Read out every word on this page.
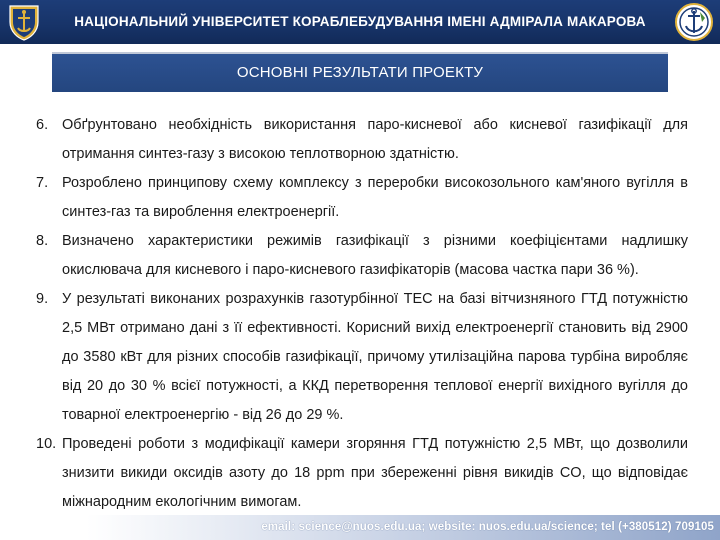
НАЦІОНАЛЬНИЙ УНІВЕРСИТЕТ КОРАБЛЕБУДУВАННЯ ІМЕНІ АДМІРАЛА МАКАРОВА
ОСНОВНІ РЕЗУЛЬТАТИ ПРОЕКТУ
6. Обґрунтовано необхідність використання паро-кисневої або кисневої газифікації для отримання синтез-газу з високою теплотворною здатністю.
7. Розроблено принципову схему комплексу з переробки високозольного кам'яного вугілля в синтез-газ та вироблення електроенергії.
8. Визначено характеристики режимів газифікації з різними коефіцієнтами надлишку окислювача для кисневого і паро-кисневого газифікаторів (масова частка пари 36 %).
9. У результаті виконаних розрахунків газотурбінної ТЕС на базі вітчизняного ГТД потужністю 2,5 МВт отримано дані з її ефективності. Корисний вихід електроенергії становить від 2900 до 3580 кВт для різних способів газифікації, причому утилізаційна парова турбіна виробляє від 20 до 30 % всієї потужності, а ККД перетворення теплової енергії вихідного вугілля до товарної електроенергію - від 26 до 29 %.
10. Проведені роботи з модифікації камери згоряння ГТД потужністю 2,5 МВт, що дозволили знизити викиди оксидів азоту до 18 ppm при збереженні рівня викидів CO, що відповідає міжнародним екологічним вимогам.
email: science@nuos.edu.ua; website: nuos.edu.ua/science; tel (+380512) 709105
